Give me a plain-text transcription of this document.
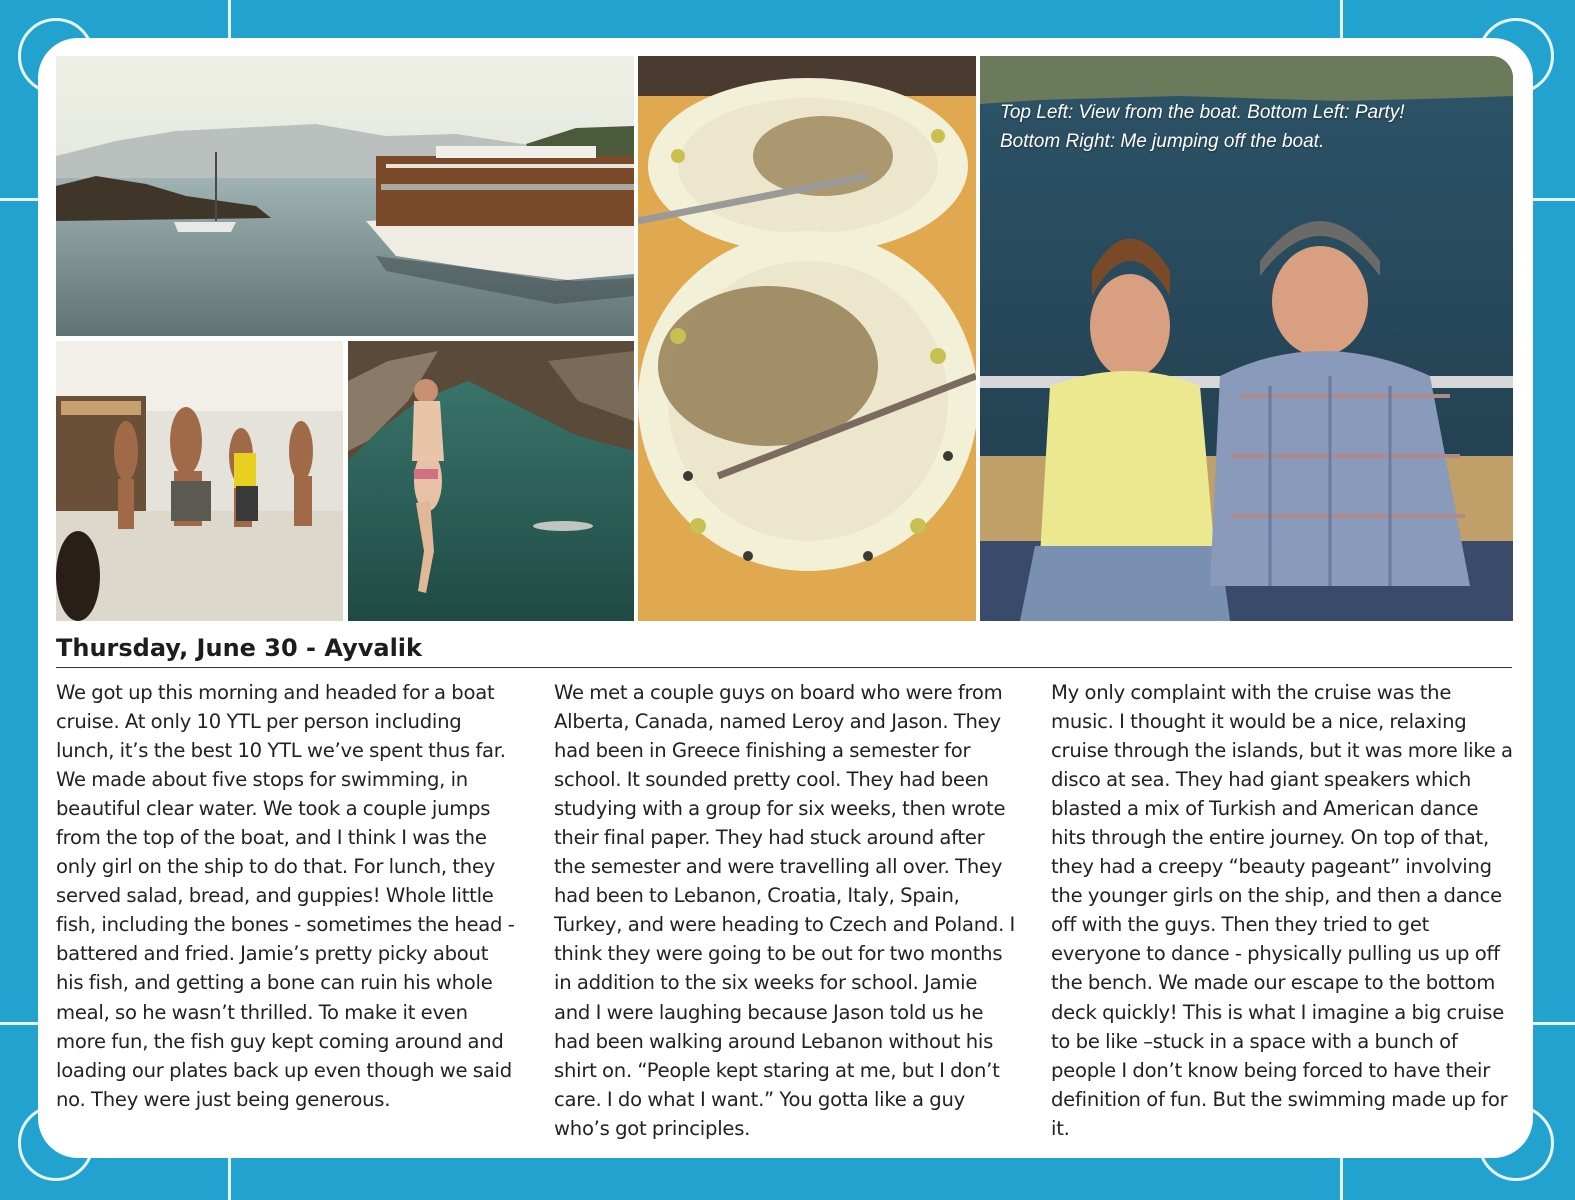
Top Left: View from the boat. Bottom Left: Party!
Bottom Right: Me jumping off the boat.
Thursday, June 30 - Ayvalik
We got up this morning and headed for a boat cruise. At only 10 YTL per person including lunch, it’s the best 10 YTL we’ve spent thus far. We made about five stops for swimming, in beautiful clear water. We took a couple jumps from the top of the boat, and I think I was the only girl on the ship to do that. For lunch, they served salad, bread, and guppies! Whole little fish, including the bones - sometimes the head - battered and fried. Jamie’s pretty picky about his fish, and getting a bone can ruin his whole meal, so he wasn’t thrilled. To make it even more fun, the fish guy kept coming around and loading our plates back up even though we said no. They were just being generous.
We met a couple guys on board who were from Alberta, Canada, named Leroy and Jason. They had been in Greece finishing a semester for school. It sounded pretty cool. They had been studying with a group for six weeks, then wrote their final paper. They had stuck around after the semester and were travelling all over. They had been to Lebanon, Croatia, Italy, Spain, Turkey, and were heading to Czech and Poland. I think they were going to be out for two months in addition to the six weeks for school. Jamie and I were laughing because Jason told us he had been walking around Lebanon without his shirt on. “People kept staring at me, but I don’t care. I do what I want.” You gotta like a guy who’s got principles.
My only complaint with the cruise was the music. I thought it would be a nice, relaxing cruise through the islands, but it was more like a disco at sea. They had giant speakers which blasted a mix of Turkish and American dance hits through the entire journey. On top of that, they had a creepy “beauty pageant” involving the younger girls on the ship, and then a dance off with the guys. Then they tried to get everyone to dance - physically pulling us up off the bench. We made our escape to the bottom deck quickly! This is what I imagine a big cruise to be like –stuck in a space with a bunch of people I don’t know being forced to have their definition of fun. But the swimming made up for it.
